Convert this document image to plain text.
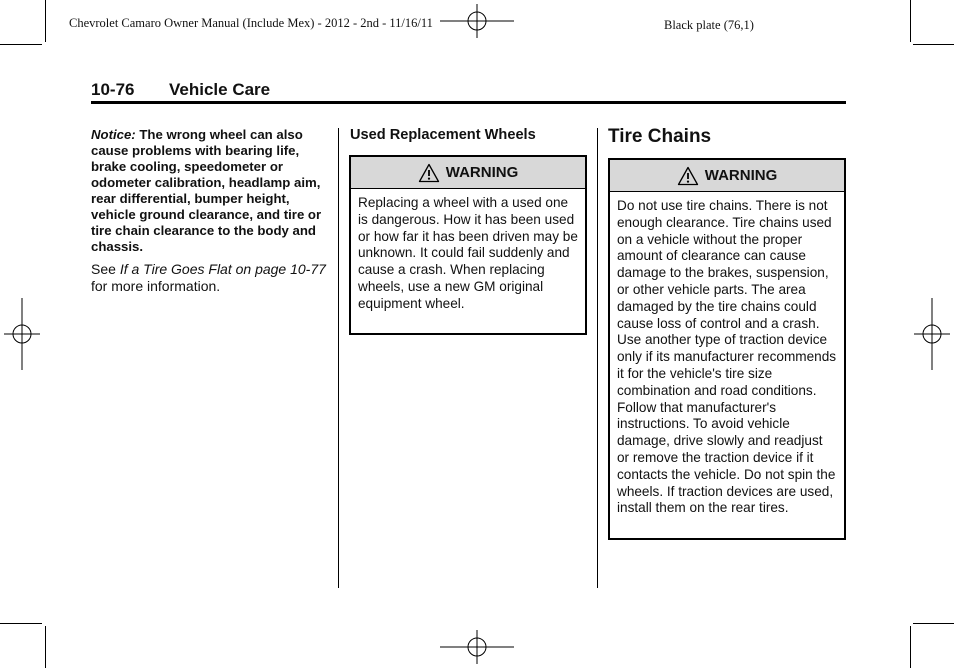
Chevrolet Camaro Owner Manual (Include Mex) - 2012 - 2nd - 11/16/11	Black plate (76,1)
10-76 Vehicle Care

Notice: The wrong wheel can also cause problems with bearing life, brake cooling, speedometer or odometer calibration, headlamp aim, rear differential, bumper height, vehicle ground clearance, and tire or tire chain clearance to the body and chassis.

See If a Tire Goes Flat on page 10-77 for more information.

Used Replacement Wheels
WARNING
Replacing a wheel with a used one is dangerous. How it has been used or how far it has been driven may be unknown. It could fail suddenly and cause a crash. When replacing wheels, use a new GM original equipment wheel.
Tire Chains
WARNING
Do not use tire chains. There is not enough clearance. Tire chains used on a vehicle without the proper amount of clearance can cause damage to the brakes, suspension, or other vehicle parts. The area damaged by the tire chains could cause loss of control and a crash. Use another type of traction device only if its manufacturer recommends it for the vehicle's tire size combination and road conditions. Follow that manufacturer's instructions. To avoid vehicle damage, drive slowly and readjust or remove the traction device if it contacts the vehicle. Do not spin the wheels. If traction devices are used, install them on the rear tires.
